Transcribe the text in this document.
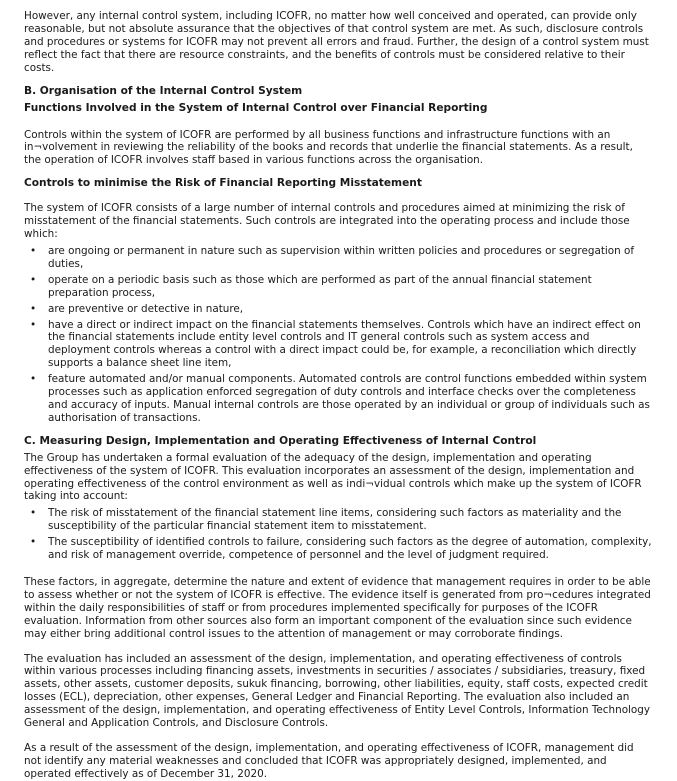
However, any internal control system, including ICOFR, no matter how well conceived and operated, can provide only reasonable, but not absolute assurance that the objectives of that control system are met. As such, disclosure controls and procedures or systems for ICOFR may not prevent all errors and fraud. Further, the design of a control system must reflect the fact that there are resource constraints, and the benefits of controls must be considered relative to their costs.

B. Organisation of the Internal Control System

Functions Involved in the System of Internal Control over Financial Reporting

Controls within the system of ICOFR are performed by all business functions and infrastructure functions with an in¬volvement in reviewing the reliability of the books and records that underlie the financial statements. As a result, the operation of ICOFR involves staff based in various functions across the organisation.

Controls to minimise the Risk of Financial Reporting Misstatement

The system of ICOFR consists of a large number of internal controls and procedures aimed at minimizing the risk of misstatement of the financial statements. Such controls are integrated into the operating process and include those which:

•	are ongoing or permanent in nature such as supervision within written policies and procedures or segregation of duties,
•	operate on a periodic basis such as those which are performed as part of the annual financial statement preparation process,
•	are preventive or detective in nature,
•	have a direct or indirect impact on the financial statements themselves. Controls which have an indirect effect on the financial statements include entity level controls and IT general controls such as system access and deployment controls whereas a control with a direct impact could be, for example, a reconciliation which directly supports a balance sheet line item,
•	feature automated and/or manual components. Automated controls are control functions embedded within system processes such as application enforced segregation of duty controls and interface checks over the completeness and accuracy of inputs. Manual internal controls are those operated by an individual or group of individuals such as authorisation of transactions.

C. Measuring Design, Implementation and Operating Effectiveness of Internal Control

The Group has undertaken a formal evaluation of the adequacy of the design, implementation and operating effectiveness of the system of ICOFR. This evaluation incorporates an assessment of the design, implementation and operating effectiveness of the control environment as well as indi¬vidual controls which make up the system of ICOFR taking into account:

•	The risk of misstatement of the financial statement line items, considering such factors as materiality and the susceptibility of the particular financial statement item to misstatement.
•	The susceptibility of identified controls to failure, considering such factors as the degree of automation, complexity, and risk of management override, competence of personnel and the level of judgment required.

These factors, in aggregate, determine the nature and extent of evidence that management requires in order to be able to assess whether or not the system of ICOFR is effective. The evidence itself is generated from pro¬cedures integrated within the daily responsibilities of staff or from procedures implemented specifically for purposes of the ICOFR evaluation. Information from other sources also form an important component of the evaluation since such evidence may either bring additional control issues to the attention of management or may corroborate findings.

The evaluation has included an assessment of the design, implementation, and operating effectiveness of controls within various processes including financing assets, investments in securities / associates / subsidiaries, treasury, fixed assets, other assets, customer deposits, sukuk financing, borrowing, other liabilities, equity, staff costs, expected credit losses (ECL), depreciation, other expenses, General Ledger and Financial Reporting. The evaluation also included an assessment of the design, implementation, and operating effectiveness of Entity Level Controls, Information Technology General and Application Controls, and Disclosure Controls.

As a result of the assessment of the design, implementation, and operating effectiveness of ICOFR, management did not identify any material weaknesses and concluded that ICOFR was appropriately designed, implemented, and operated effectively as of December 31, 2020.
